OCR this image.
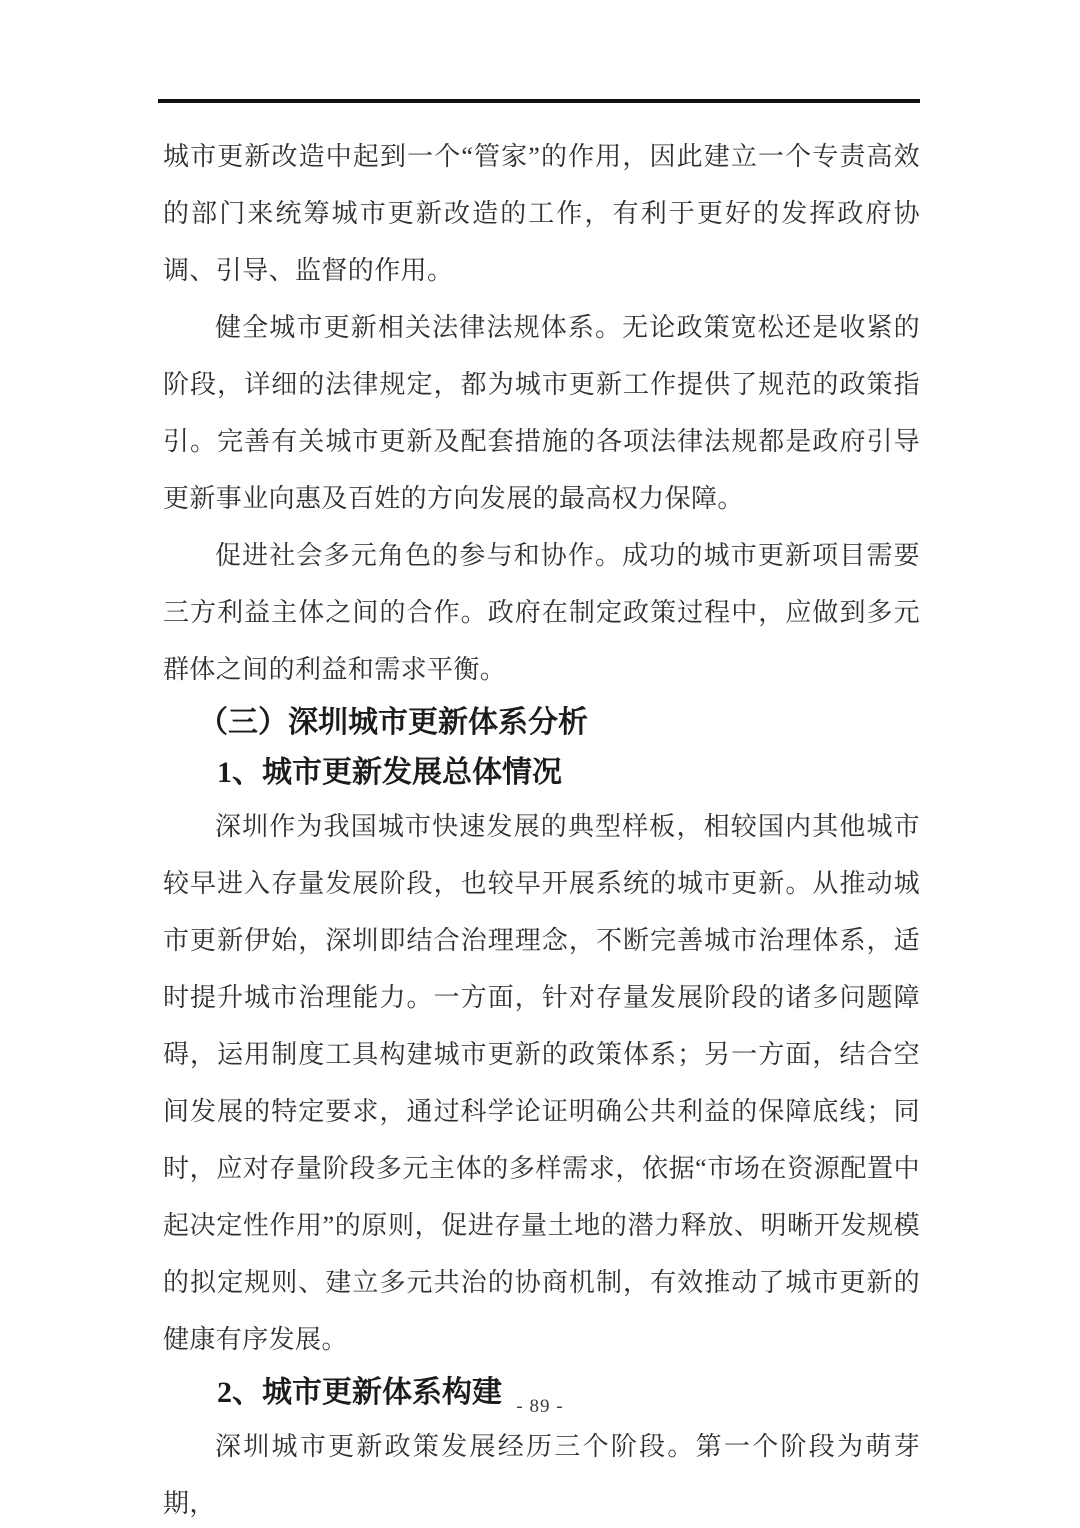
城市更新改造中起到一个“管家”的作用，因此建立一个专责高效的部门来统筹城市更新改造的工作，有利于更好的发挥政府协调、引导、监督的作用。

健全城市更新相关法律法规体系。无论政策宽松还是收紧的阶段，详细的法律规定，都为城市更新工作提供了规范的政策指引。完善有关城市更新及配套措施的各项法律法规都是政府引导更新事业向惠及百姓的方向发展的最高权力保障。

促进社会多元角色的参与和协作。成功的城市更新项目需要三方利益主体之间的合作。政府在制定政策过程中，应做到多元群体之间的利益和需求平衡。

（三）深圳城市更新体系分析

1、城市更新发展总体情况

深圳作为我国城市快速发展的典型样板，相较国内其他城市较早进入存量发展阶段，也较早开展系统的城市更新。从推动城市更新伊始，深圳即结合治理理念，不断完善城市治理体系，适时提升城市治理能力。一方面，针对存量发展阶段的诸多问题障碍，运用制度工具构建城市更新的政策体系；另一方面，结合空间发展的特定要求，通过科学论证明确公共利益的保障底线；同时，应对存量阶段多元主体的多样需求，依据“市场在资源配置中起决定性作用”的原则，促进存量土地的潜力释放、明晰开发规模的拟定规则、建立多元共治的协商机制，有效推动了城市更新的健康有序发展。

2、城市更新体系构建

深圳城市更新政策发展经历三个阶段。第一个阶段为萌芽期，

- 89 -
